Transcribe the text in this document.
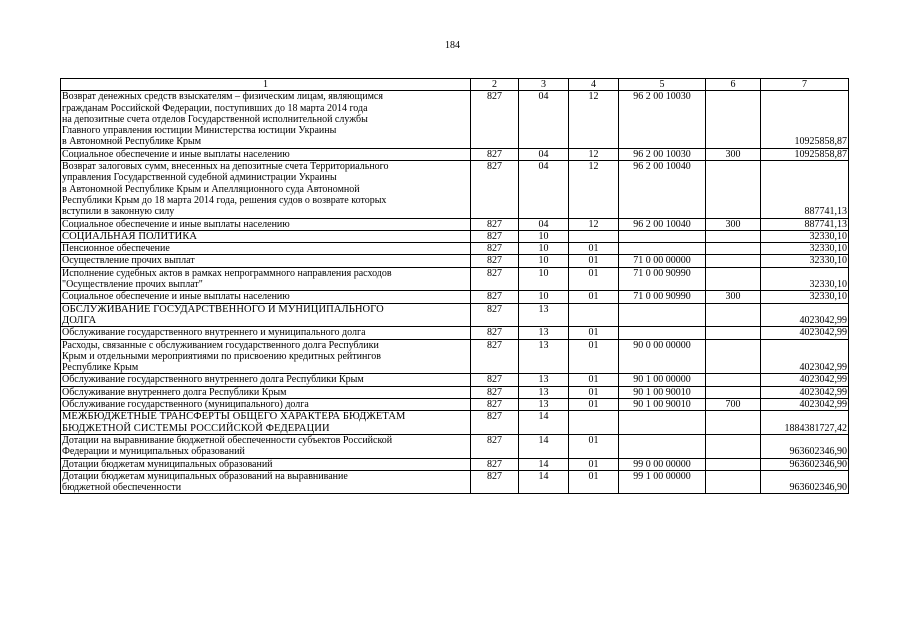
184
1	2	3	4	5	6	7
Возврат денежных средств взыскателям – физическим лицам, являющимся
гражданам Российской Федерации, поступивших до 18 марта 2014 года
на депозитные счета отделов Государственной исполнительной службы
Главного управления юстиции Министерства юстиции Украины
в Автономной Республике Крым	827	04	12	96 2 00 10030		10925858,87
Социальное обеспечение и иные выплаты населению	827	04	12	96 2 00 10030	300	10925858,87
Возврат залоговых сумм, внесенных на депозитные счета Территориального
управления Государственной судебной администрации Украины
в Автономной Республике Крым и Апелляционного суда Автономной
Республики Крым до 18 марта 2014 года, решения судов о возврате которых
вступили в законную силу	827	04	12	96 2 00 10040		887741,13
Социальное обеспечение и иные выплаты населению	827	04	12	96 2 00 10040	300	887741,13
СОЦИАЛЬНАЯ ПОЛИТИКА	827	10				32330,10
Пенсионное обеспечение	827	10	01			32330,10
Осуществление прочих выплат	827	10	01	71 0 00 00000		32330,10
Исполнение судебных актов в рамках непрограммного направления расходов
"Осуществление прочих выплат"	827	10	01	71 0 00 90990		32330,10
Социальное обеспечение и иные выплаты населению	827	10	01	71 0 00 90990	300	32330,10
ОБСЛУЖИВАНИЕ ГОСУДАРСТВЕННОГО И МУНИЦИПАЛЬНОГО
ДОЛГА	827	13				4023042,99
Обслуживание государственного внутреннего и муниципального долга	827	13	01			4023042,99
Расходы, связанные с обслуживанием государственного долга Республики
Крым и отдельными мероприятиями по присвоению кредитных рейтингов
Республике Крым	827	13	01	90 0 00 00000		4023042,99
Обслуживание государственного внутреннего долга Республики Крым	827	13	01	90 1 00 00000		4023042,99
Обслуживание внутреннего долга Республики Крым	827	13	01	90 1 00 90010		4023042,99
Обслуживание государственного (муниципального) долга	827	13	01	90 1 00 90010	700	4023042,99
МЕЖБЮДЖЕТНЫЕ ТРАНСФЕРТЫ ОБЩЕГО ХАРАКТЕРА БЮДЖЕТАМ
БЮДЖЕТНОЙ СИСТЕМЫ РОССИЙСКОЙ ФЕДЕРАЦИИ	827	14				1884381727,42
Дотации на выравнивание бюджетной обеспеченности субъектов Российской
Федерации и муниципальных образований	827	14	01			963602346,90
Дотации бюджетам муниципальных образований	827	14	01	99 0 00 00000		963602346,90
Дотации бюджетам муниципальных образований на выравнивание
бюджетной обеспеченности	827	14	01	99 1 00 00000		963602346,90
